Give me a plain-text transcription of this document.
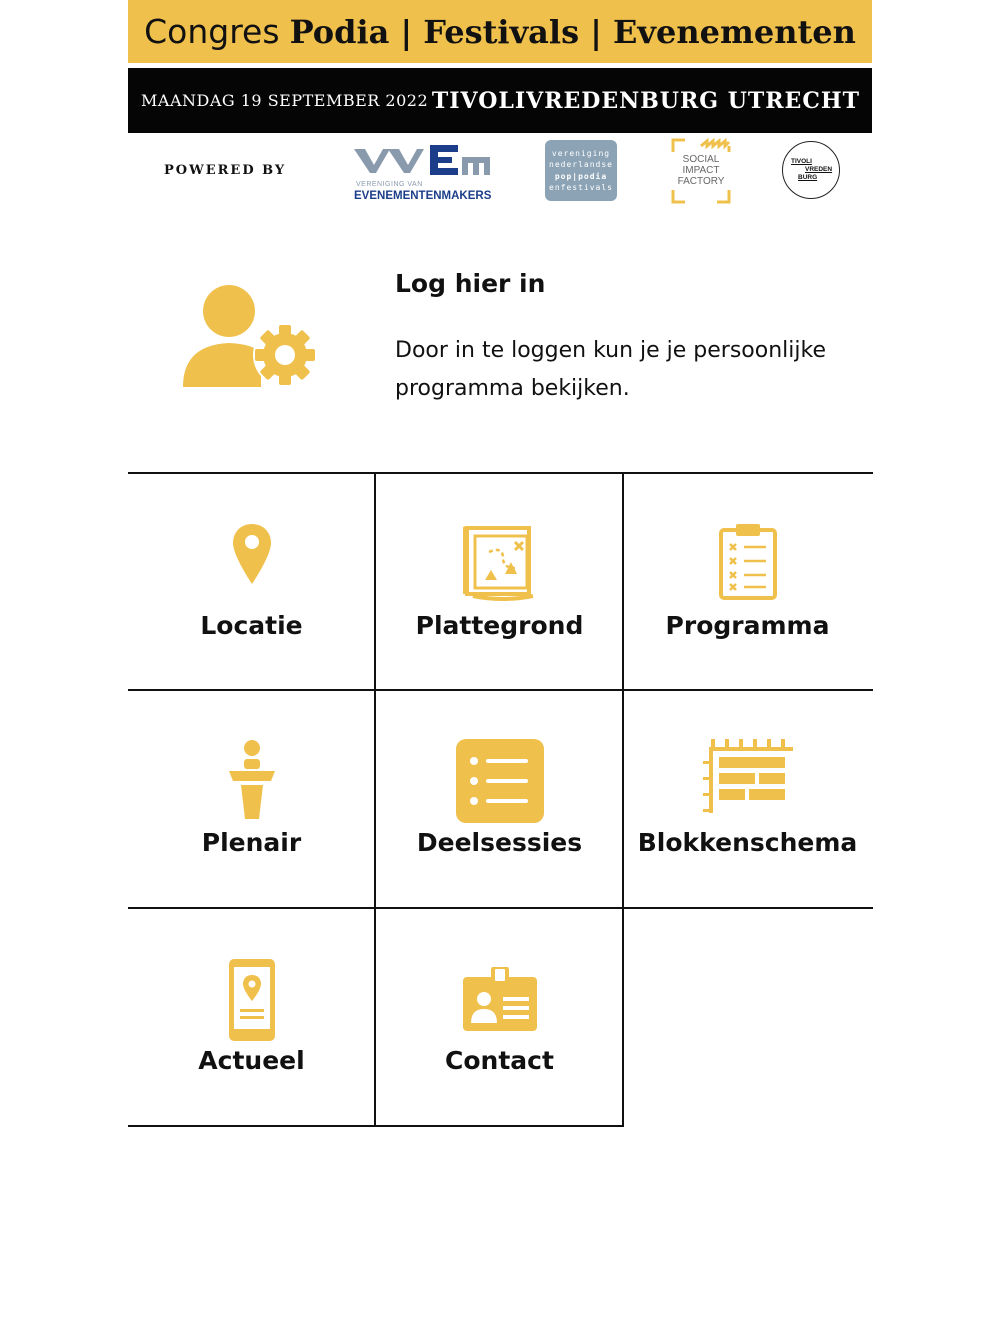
Congres Podia | Festivals | Evenementen
MAANDAG 19 SEPTEMBER 2022 TIVOLIVREDENBURG UTRECHT
POWERED BY
VERENIGING VAN
EVENEMENTENMAKERS
vereniging
nederlandse
pop|podia
enfestivals
SOCIAL
IMPACT
FACTORY
TIVOLI
VREDEN
BURG
Log hier in
Door in te loggen kun je je persoonlijke programma bekijken.
Locatie	Plattegrond	Programma
Plenair	Deelsessies	Blokkenschema
Actueel	Contact
